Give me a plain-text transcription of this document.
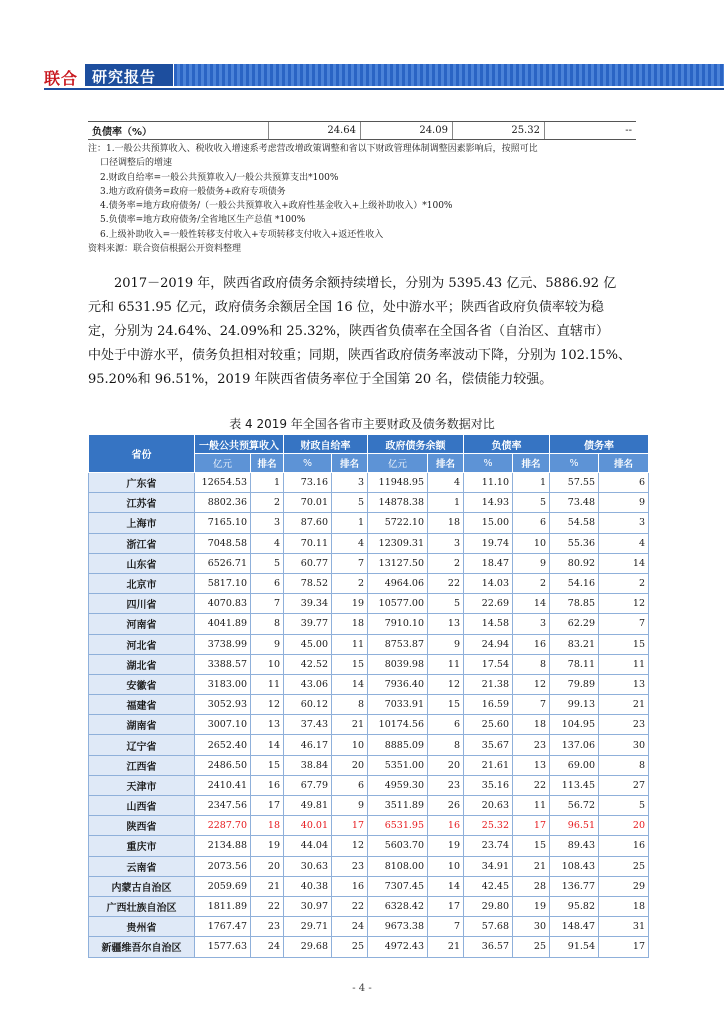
联合 研究报告
负债率（%）	24.64	24.09	25.32	--
注：1.一般公共预算收入、税收收入增速系考虑营改增政策调整和省以下财政管理体制调整因素影响后，按照可比
口径调整后的增速
2.财政自给率=一般公共预算收入/一般公共预算支出*100%
3.地方政府债务=政府一般债务+政府专项债务
4.债务率=地方政府债务/（一般公共预算收入+政府性基金收入+上级补助收入）*100%
5.负债率=地方政府债务/全省地区生产总值 *100%
6.上级补助收入=一般性转移支付收入+专项转移支付收入+返还性收入
资料来源：联合资信根据公开资料整理
2017－2019 年，陕西省政府债务余额持续增长，分别为 5395.43 亿元、5886.92 亿
元和 6531.95 亿元，政府债务余额居全国 16 位，处中游水平；陕西省政府负债率较为稳
定，分别为 24.64%、24.09%和 25.32%，陕西省负债率在全国各省（自治区、直辖市）
中处于中游水平，债务负担相对较重；同期，陕西省政府债务率波动下降，分别为 102.15%、
95.20%和 96.51%，2019 年陕西省债务率位于全国第 20 名，偿债能力较强。
表 4 2019 年全国各省市主要财政及债务数据对比
省份	一般公共预算收入		财政自给率		政府债务余额		负债率		债务率	
	亿元	排名	%	排名	亿元	排名	%	排名	%	排名
广东省	12654.53	1	73.16	3	11948.95	4	11.10	1	57.55	6
江苏省	8802.36	2	70.01	5	14878.38	1	14.93	5	73.48	9
上海市	7165.10	3	87.60	1	5722.10	18	15.00	6	54.58	3
浙江省	7048.58	4	70.11	4	12309.31	3	19.74	10	55.36	4
山东省	6526.71	5	60.77	7	13127.50	2	18.47	9	80.92	14
北京市	5817.10	6	78.52	2	4964.06	22	14.03	2	54.16	2
四川省	4070.83	7	39.34	19	10577.00	5	22.69	14	78.85	12
河南省	4041.89	8	39.77	18	7910.10	13	14.58	3	62.29	7
河北省	3738.99	9	45.00	11	8753.87	9	24.94	16	83.21	15
湖北省	3388.57	10	42.52	15	8039.98	11	17.54	8	78.11	11
安徽省	3183.00	11	43.06	14	7936.40	12	21.38	12	79.89	13
福建省	3052.93	12	60.12	8	7033.91	15	16.59	7	99.13	21
湖南省	3007.10	13	37.43	21	10174.56	6	25.60	18	104.95	23
辽宁省	2652.40	14	46.17	10	8885.09	8	35.67	23	137.06	30
江西省	2486.50	15	38.84	20	5351.00	20	21.61	13	69.00	8
天津市	2410.41	16	67.79	6	4959.30	23	35.16	22	113.45	27
山西省	2347.56	17	49.81	9	3511.89	26	20.63	11	56.72	5
陕西省	2287.70	18	40.01	17	6531.95	16	25.32	17	96.51	20
重庆市	2134.88	19	44.04	12	5603.70	19	23.74	15	89.43	16
云南省	2073.56	20	30.63	23	8108.00	10	34.91	21	108.43	25
内蒙古自治区	2059.69	21	40.38	16	7307.45	14	42.45	28	136.77	29
广西壮族自治区	1811.89	22	30.97	22	6328.42	17	29.80	19	95.82	18
贵州省	1767.47	23	29.71	24	9673.38	7	57.68	30	148.47	31
新疆维吾尔自治区	1577.63	24	29.68	25	4972.43	21	36.57	25	91.54	17
- 4 -
